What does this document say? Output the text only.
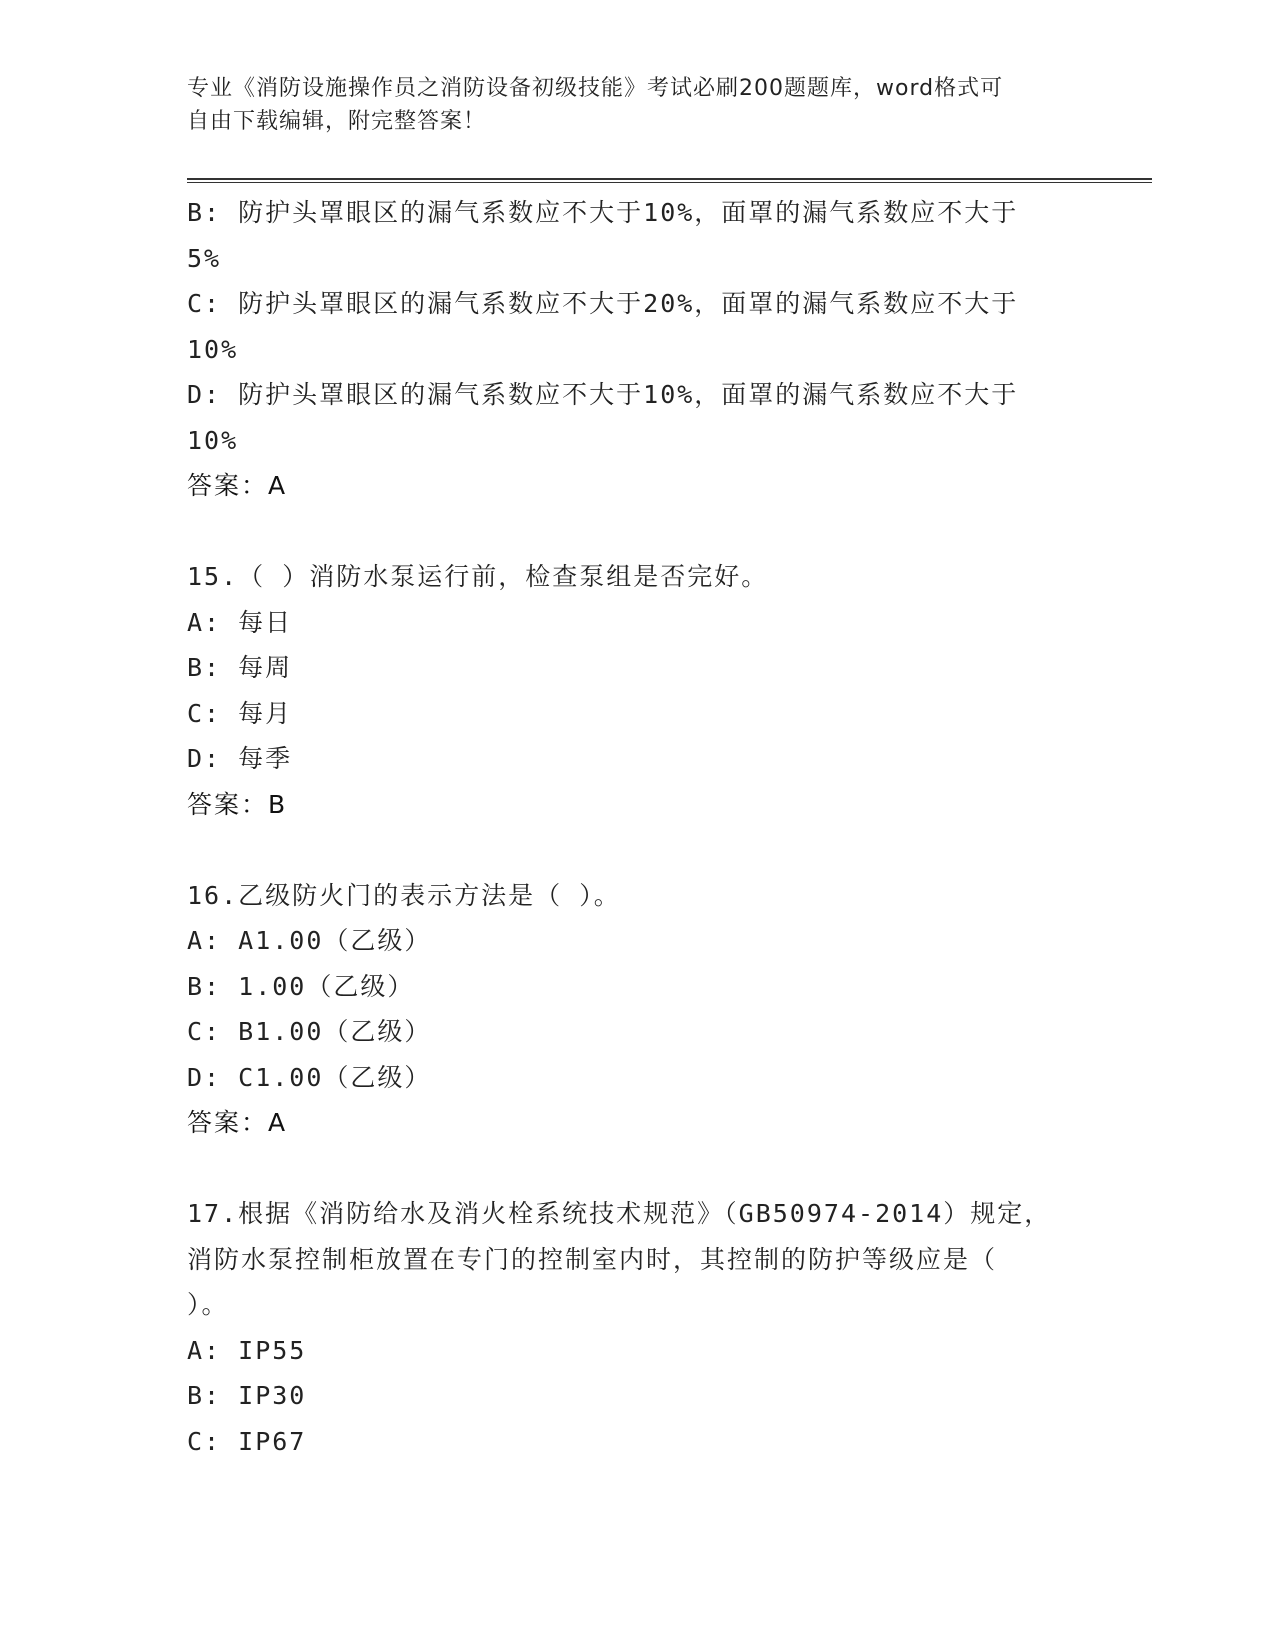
专业《消防设施操作员之消防设备初级技能》考试必刷200题题库，word格式可
自由下载编辑，附完整答案！
B: 防护头罩眼区的漏气系数应不大于10%，面罩的漏气系数应不大于
5%
C: 防护头罩眼区的漏气系数应不大于20%，面罩的漏气系数应不大于
10%
D: 防护头罩眼区的漏气系数应不大于10%，面罩的漏气系数应不大于
10%
答案：A
15.（ ）消防水泵运行前，检查泵组是否完好。
A: 每日
B: 每周
C: 每月
D: 每季
答案：B
16.乙级防火门的表示方法是（ ）。
A: A1.00（乙级）
B: 1.00（乙级）
C: B1.00（乙级）
D: C1.00（乙级）
答案：A
17.根据《消防给水及消火栓系统技术规范》（GB50974-2014）规定，
消防水泵控制柜放置在专门的控制室内时，其控制的防护等级应是（
）。
A: IP55
B: IP30
C: IP67
